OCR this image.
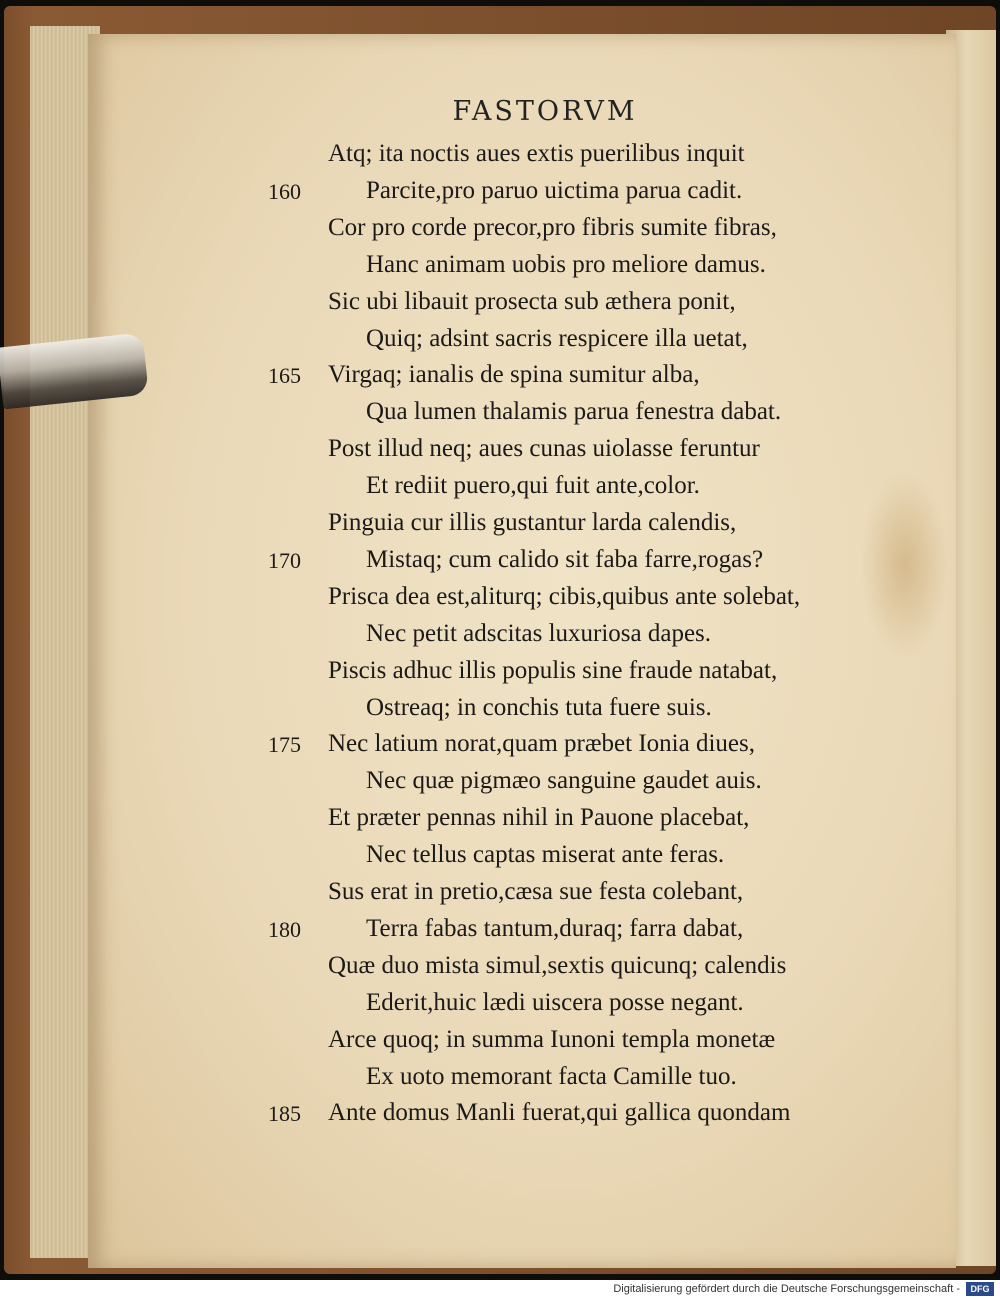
FASTORVM
Atq; ita noctis aues extis puerilibus inquit
Parcite,pro paruo uictima parua cadit.
160
Cor pro corde precor,pro fibris sumite fibras,
Hanc animam uobis pro meliore damus.
Sic ubi libauit prosecta sub æthera ponit,
Quiq; adsint sacris respicere illa uetat,
Virgaq; ianalis de spina sumitur alba,
165
Qua lumen thalamis parua fenestra dabat.
Post illud neq; aues cunas uiolasse feruntur
Et rediit puero,qui fuit ante,color.
Pinguia cur illis gustantur larda calendis,
Mistaq; cum calido sit faba farre,rogas?
170
Prisca dea est,aliturq; cibis,quibus ante solebat,
Nec petit adscitas luxuriosa dapes.
Piscis adhuc illis populis sine fraude natabat,
Ostreaq; in conchis tuta fuere suis.
Nec latium norat,quam præbet Ionia diues,
175
Nec quæ pigmæo sanguine gaudet auis.
Et præter pennas nihil in Pauone placebat,
Nec tellus captas miserat ante feras.
Sus erat in pretio,cæsa sue festa colebant,
Terra fabas tantum,duraq; farra dabat,
180
Quæ duo mista simul,sextis quicunq; calendis
Ederit,huic lædi uiscera posse negant.
Arce quoq; in summa Iunoni templa monetæ
Ex uoto memorant facta Camille tuo.
Ante domus Manli fuerat,qui gallica quondam
185
Digitalisierung gefördert durch die Deutsche Forschungsgemeinschaft -	DFG
